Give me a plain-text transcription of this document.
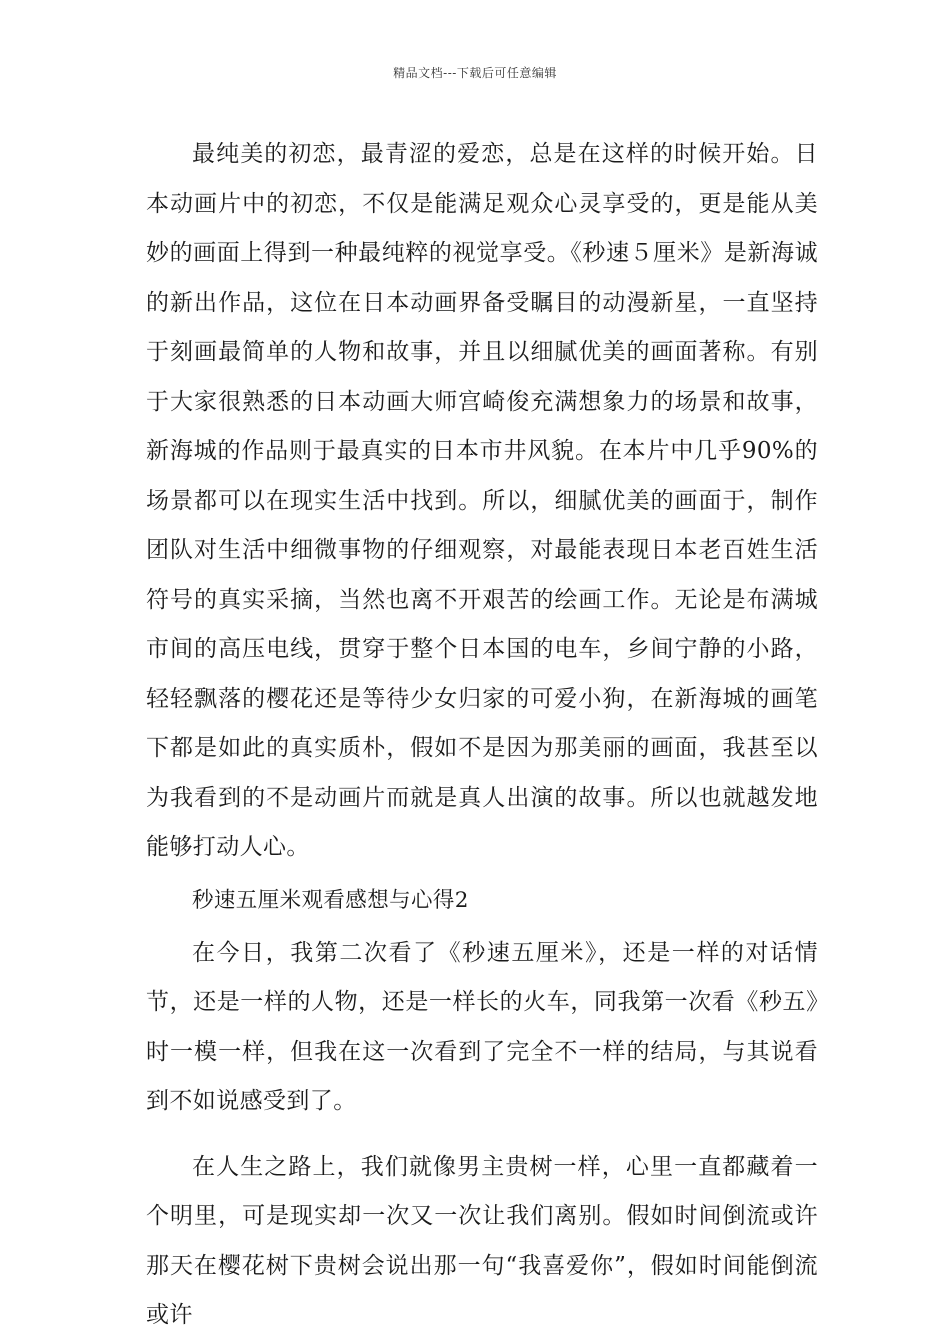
精品文档---下载后可任意编辑

最纯美的初恋，最青涩的爱恋，总是在这样的时候开始。日本动画片中的初恋，不仅是能满足观众心灵享受的，更是能从美妙的画面上得到一种最纯粹的视觉享受。《秒速５厘米》是新海诚的新出作品，这位在日本动画界备受瞩目的动漫新星，一直坚持于刻画最简单的人物和故事，并且以细腻优美的画面著称。有别于大家很熟悉的日本动画大师宫崎俊充满想象力的场景和故事，新海城的作品则于最真实的日本市井风貌。在本片中几乎90%的场景都可以在现实生活中找到。所以，细腻优美的画面于，制作团队对生活中细微事物的仔细观察，对最能表现日本老百姓生活符号的真实采摘，当然也离不开艰苦的绘画工作。无论是布满城市间的高压电线，贯穿于整个日本国的电车，乡间宁静的小路，轻轻飘落的樱花还是等待少女归家的可爱小狗，在新海城的画笔下都是如此的真实质朴，假如不是因为那美丽的画面，我甚至以为我看到的不是动画片而就是真人出演的故事。所以也就越发地能够打动人心。

秒速五厘米观看感想与心得2

在今日，我第二次看了《秒速五厘米》，还是一样的对话情节，还是一样的人物，还是一样长的火车，同我第一次看《秒五》时一模一样，但我在这一次看到了完全不一样的结局，与其说看到不如说感受到了。

在人生之路上，我们就像男主贵树一样，心里一直都藏着一个明里，可是现实却一次又一次让我们离别。假如时间倒流或许那天在樱花树下贵树会说出那一句“我喜爱你”，假如时间能倒流或许
